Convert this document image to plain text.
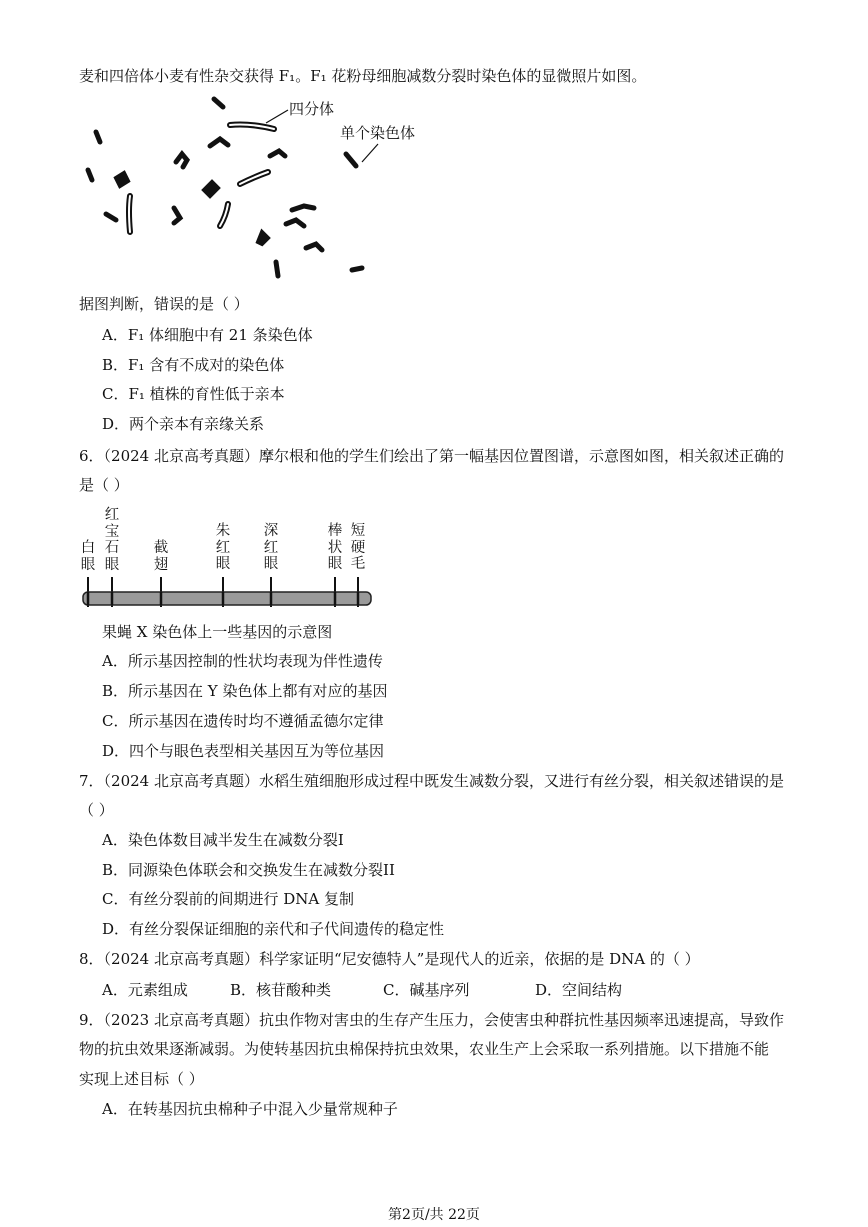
麦和四倍体小麦有性杂交获得 F₁。F₁ 花粉母细胞减数分裂时染色体的显微照片如图。
四分体
单个染色体
据图判断，错误的是（ ）
A．F₁ 体细胞中有 21 条染色体
B．F₁ 含有不成对的染色体
C．F₁ 植株的育性低于亲本
D．两个亲本有亲缘关系
6．（2024 北京高考真题）摩尔根和他的学生们绘出了第一幅基因位置图谱，示意图如图，相关叙述正确的
是（ ）
白
眼
红
宝
石
眼
截
翅
朱
红
眼
深
红
眼
棒
状
眼
短
硬
毛
果蝇 X 染色体上一些基因的示意图
A．所示基因控制的性状均表现为伴性遗传
B．所示基因在 Y 染色体上都有对应的基因
C．所示基因在遗传时均不遵循孟德尔定律
D．四个与眼色表型相关基因互为等位基因
7．（2024 北京高考真题）水稻生殖细胞形成过程中既发生减数分裂，又进行有丝分裂，相关叙述错误的是
（ ）
A．染色体数目减半发生在减数分裂I
B．同源染色体联会和交换发生在减数分裂II
C．有丝分裂前的间期进行 DNA 复制
D．有丝分裂保证细胞的亲代和子代间遗传的稳定性
8．（2024 北京高考真题）科学家证明“尼安德特人”是现代人的近亲，依据的是 DNA 的（ ）
A．元素组成	B．核苷酸种类	C．碱基序列	D．空间结构
9．（2023 北京高考真题）抗虫作物对害虫的生存产生压力，会使害虫种群抗性基因频率迅速提高，导致作
物的抗虫效果逐渐减弱。为使转基因抗虫棉保持抗虫效果，农业生产上会采取一系列措施。以下措施不能
实现上述目标（ ）
A．在转基因抗虫棉种子中混入少量常规种子
第2页/共 22页
